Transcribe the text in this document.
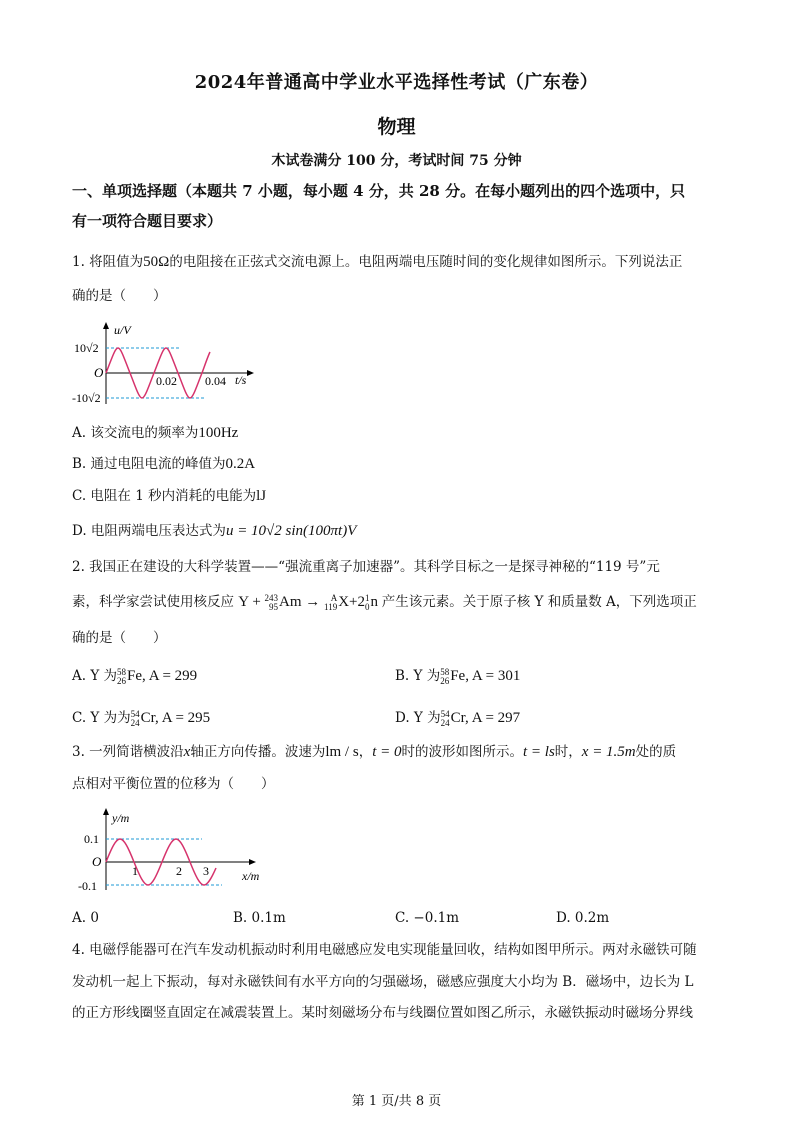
2024年普通高中学业水平选择性考试（广东卷）
物理
木试卷满分 100 分，考试时间 75 分钟
一、单项选择题（本题共 7 小题，每小题 4 分，共 28 分。在每小题列出的四个选项中，只
有一项符合题目要求）
1. 将阻值为50Ω的电阻接在正弦式交流电源上。电阻两端电压随时间的变化规律如图所示。下列说法正
确的是（　　）
u/V
10√2
O
-10√2
0.02 0.04 t/s
A. 该交流电的频率为100Hz
B. 通过电阻电流的峰值为0.2A
C. 电阻在 1 秒内消耗的电能为lJ
D. 电阻两端电压表达式为u = 10√2 sin(100πt)V
2. 我国正在建设的大科学装置——“强流重离子加速器”。其科学目标之一是探寻神秘的“119 号”元
素，科学家尝试使用核反应 Y + 243
95Am → A
119X+21
0n 产生该元素。关于原子核 Y 和质量数 A，下列选项正
确的是（　　）
A. Y 为58
26Fe, A = 299	B. Y 为58
26Fe, A = 301
C. Y 为为54
24Cr, A = 295	D. Y 为54
24Cr, A = 297
3. 一列简谐横波沿x轴正方向传播。波速为lm / s，t = 0时的波形如图所示。t = ls时，x = 1.5m处的质
点相对平衡位置的位移为（　　）
y/m
0.1
O
-0.1
1	2 3	x/m
A. 0	B. 0.1m	C. −0.1m	D. 0.2m
4. 电磁俘能器可在汽车发动机振动时利用电磁感应发电实现能量回收，结构如图甲所示。两对永磁铁可随
发动机一起上下振动，每对永磁铁间有水平方向的匀强磁场，磁感应强度大小均为 B．磁场中，边长为 L
的正方形线圈竖直固定在减震装置上。某时刻磁场分布与线圈位置如图乙所示，永磁铁振动时磁场分界线
第 1 页/共 8 页
